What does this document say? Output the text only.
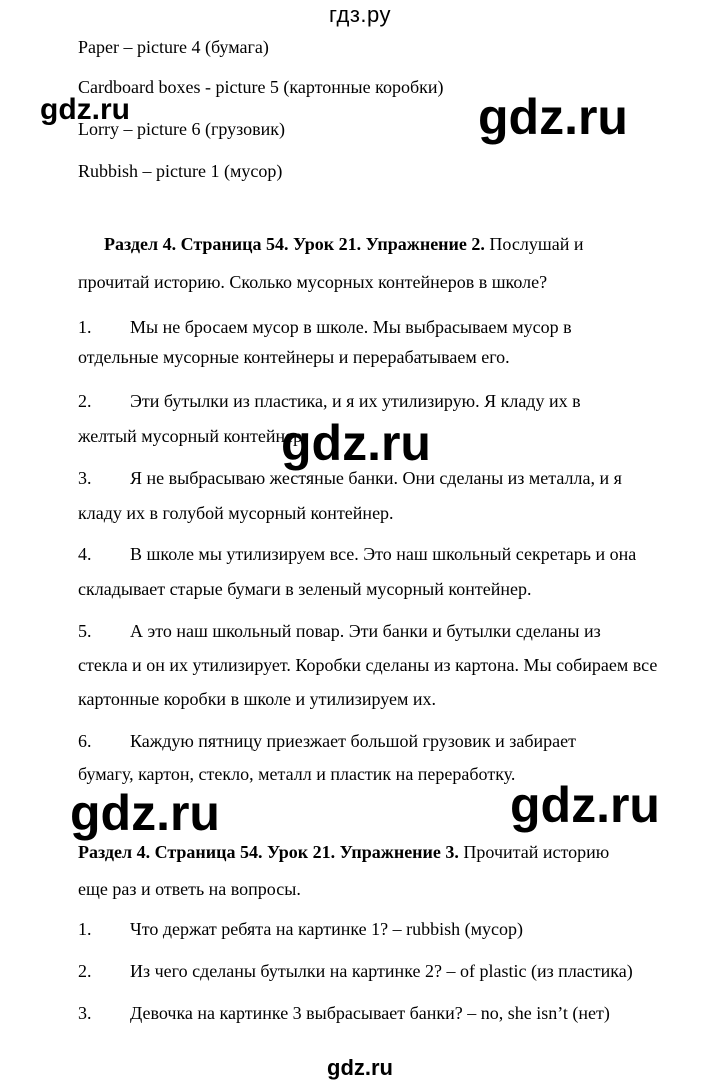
гдз.ру
Paper – picture 4 (бумага)
Cardboard boxes - picture 5 (картонные коробки)
Lorry – picture 6 (грузовик)
Rubbish – picture 1 (мусор)
Раздел 4. Страница 54. Урок 21. Упражнение 2. Послушай и
прочитай историю. Сколько мусорных контейнеров в школе?
1. Мы не бросаем мусор в школе. Мы выбрасываем мусор в
отдельные мусорные контейнеры и перерабатываем его.
2. Эти бутылки из пластика, и я их утилизирую. Я кладу их в
желтый мусорный контейнер.
3. Я не выбрасываю жестяные банки. Они сделаны из металла, и я
кладу их в голубой мусорный контейнер.
4. В школе мы утилизируем все. Это наш школьный секретарь и она
складывает старые бумаги в зеленый мусорный контейнер.
5. А это наш школьный повар. Эти банки и бутылки сделаны из
стекла и он их утилизирует. Коробки сделаны из картона. Мы собираем все
картонные коробки в школе и утилизируем их.
6. Каждую пятницу приезжает большой грузовик и забирает
бумагу, картон, стекло, металл и пластик на переработку.
Раздел 4. Страница 54. Урок 21. Упражнение 3. Прочитай историю
еще раз и ответь на вопросы.
1. Что держат ребята на картинке 1? – rubbish (мусор)
2. Из чего сделаны бутылки на картинке 2? – of plastic (из пластика)
3. Девочка на картинке 3 выбрасывает банки? – no, she isn’t (нет)
gdz.ru	gdz.ru
gdz.ru
gdz.ru	gdz.ru
gdz.ru
